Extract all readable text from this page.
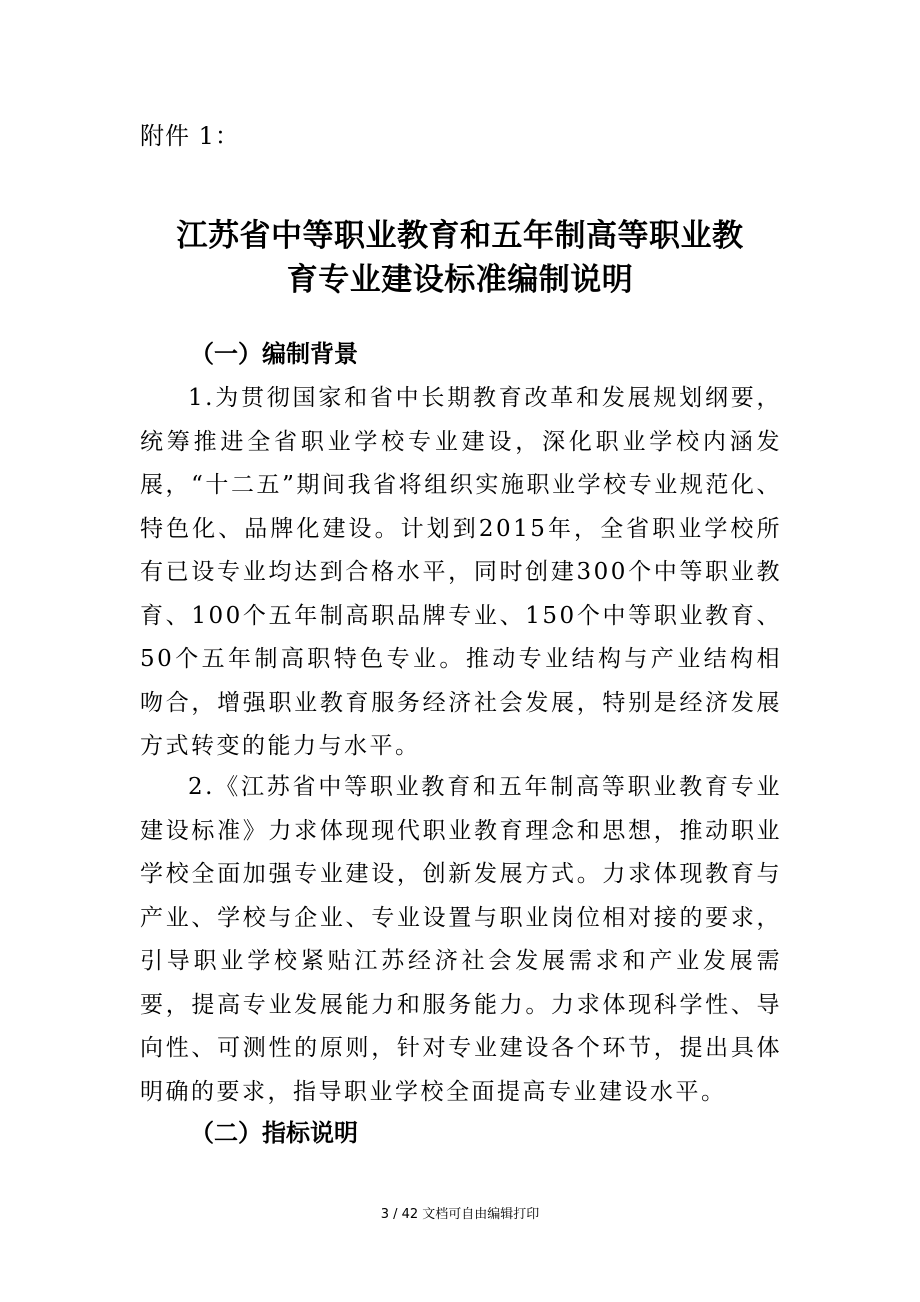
附件 1：
江苏省中等职业教育和五年制高等职业教
育专业建设标准编制说明
（一）编制背景

1.为贯彻国家和省中长期教育改革和发展规划纲要，统筹推进全省职业学校专业建设，深化职业学校内涵发展，“十二五”期间我省将组织实施职业学校专业规范化、特色化、品牌化建设。计划到2015年，全省职业学校所有已设专业均达到合格水平，同时创建300个中等职业教育、100个五年制高职品牌专业、150个中等职业教育、50个五年制高职特色专业。推动专业结构与产业结构相吻合，增强职业教育服务经济社会发展，特别是经济发展方式转变的能力与水平。

2.《江苏省中等职业教育和五年制高等职业教育专业建设标准》力求体现现代职业教育理念和思想，推动职业学校全面加强专业建设，创新发展方式。力求体现教育与产业、学校与企业、专业设置与职业岗位相对接的要求，引导职业学校紧贴江苏经济社会发展需求和产业发展需要，提高专业发展能力和服务能力。力求体现科学性、导向性、可测性的原则，针对专业建设各个环节，提出具体明确的要求，指导职业学校全面提高专业建设水平。

（二）指标说明
3 / 42 文档可自由编辑打印
